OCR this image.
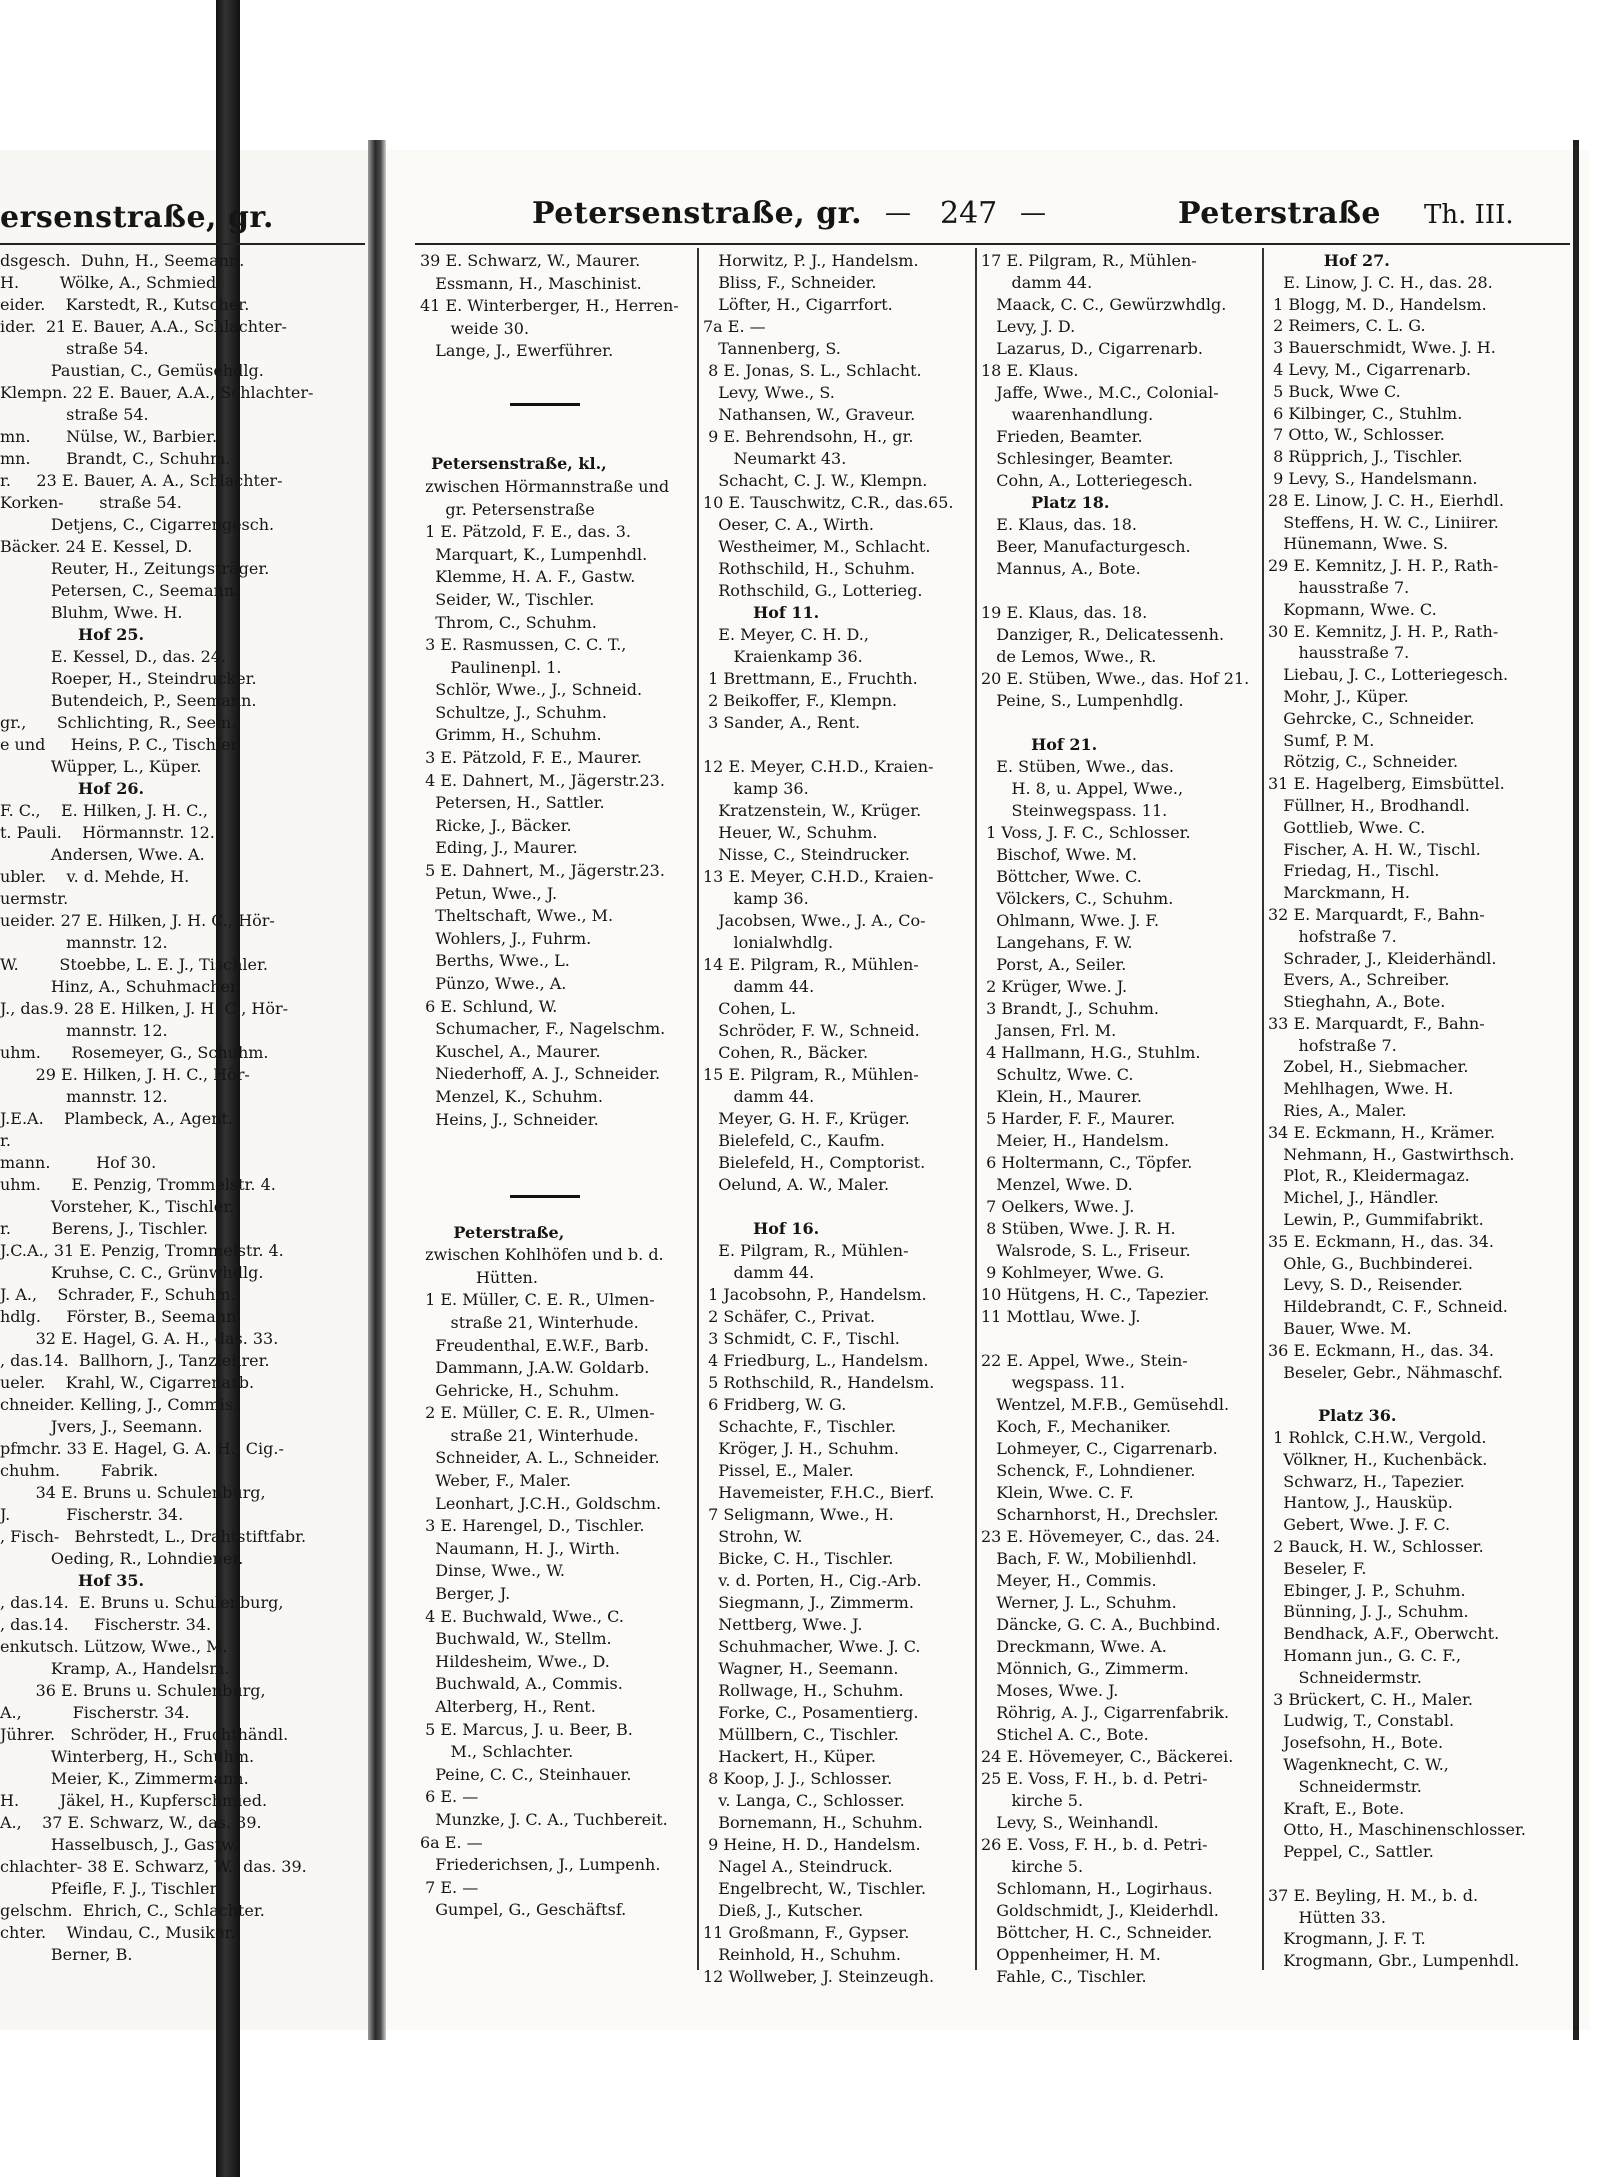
ersenstraße, gr.
dsgesch.  Duhn, H., Seemann.
H.        Wölke, A., Schmied.
eider.    Karstedt, R., Kutscher.
ider.  21 E. Bauer, A.A., Schlachter-
straße 54.
Paustian, C., Gemüsehdlg.
Klempn. 22 E. Bauer, A.A., Schlachter-
straße 54.
mn.       Nülse, W., Barbier.
mn.       Brandt, C., Schuhm.
r.     23 E. Bauer, A. A., Schlachter-
Korken-       straße 54.
Detjens, C., Cigarrengesch.
Bäcker. 24 E. Kessel, D.
Reuter, H., Zeitungsträger.
Petersen, C., Seemann.
Bluhm, Wwe. H.
Hof 25.
E. Kessel, D., das. 24.
Roeper, H., Steindrucker.
Butendeich, P., Seemann.
gr.,      Schlichting, R., Seem.
e und     Heins, P. C., Tischler.
Wüpper, L., Küper.
Hof 26.
F. C.,    E. Hilken, J. H. C.,
t. Pauli.    Hörmannstr. 12.
Andersen, Wwe. A.
ubler.    v. d. Mehde, H.
uermstr.
ueider. 27 E. Hilken, J. H. C., Hör-
mannstr. 12.
W.        Stoebbe, L. E. J., Tischler.
Hinz, A., Schuhmacher.
J., das.9. 28 E. Hilken, J. H. C., Hör-
mannstr. 12.
uhm.      Rosemeyer, G., Schuhm.
29 E. Hilken, J. H. C., Hör-
mannstr. 12.
J.E.A.    Plambeck, A., Agent.
r.
mann.         Hof 30.
uhm.      E. Penzig, Trommelstr. 4.
Vorsteher, K., Tischler.
r.        Berens, J., Tischler.
J.C.A., 31 E. Penzig, Trommelstr. 4.
Kruhse, C. C., Grünwhdlg.
J. A.,    Schrader, F., Schuhm.
hdlg.     Förster, B., Seemann.
32 E. Hagel, G. A. H., das. 33.
, das.14.  Ballhorn, J., Tanzlehrer.
ueler.    Krahl, W., Cigarrenarb.
chneider. Kelling, J., Commis.
Jvers, J., Seemann.
pfmchr. 33 E. Hagel, G. A. H., Cig.-
chuhm.        Fabrik.
34 E. Bruns u. Schulenburg,
J.           Fischerstr. 34.
, Fisch-   Behrstedt, L., Drahtstiftfabr.
Oeding, R., Lohndiener.
Hof 35.
, das.14.  E. Bruns u. Schulenburg,
, das.14.     Fischerstr. 34.
enkutsch. Lützow, Wwe., M.
Kramp, A., Handelsm.
36 E. Bruns u. Schulenburg,
A.,          Fischerstr. 34.
Jührer.   Schröder, H., Fruchthändl.
Winterberg, H., Schuhm.
Meier, K., Zimmermann.
H.        Jäkel, H., Kupferschmied.
A.,    37 E. Schwarz, W., das. 39.
Hasselbusch, J., Gastw.
chlachter- 38 E. Schwarz, W., das. 39.
Pfeifle, F. J., Tischler.
gelschm.  Ehrich, C., Schlachter.
chter.    Windau, C., Musiker.
Berner, B.
Petersenstraße, gr. — 247 —	Peterstraße Th. III.
39 E. Schwarz, W., Maurer.
Essmann, H., Maschinist.
41 E. Winterberger, H., Herren-
weide 30.
Lange, J., Ewerführer.

Petersenstraße, kl.,
zwischen Hörmannstraße und
gr. Petersenstraße
1 E. Pätzold, F. E., das. 3.
Marquart, K., Lumpenhdl.
Klemme, H. A. F., Gastw.
Seider, W., Tischler.
Throm, C., Schuhm.
3 E. Rasmussen, C. C. T.,
Paulinenpl. 1.
Schlör, Wwe., J., Schneid.
Schultze, J., Schuhm.
Grimm, H., Schuhm.
3 E. Pätzold, F. E., Maurer.
4 E. Dahnert, M., Jägerstr.23.
Petersen, H., Sattler.
Ricke, J., Bäcker.
Eding, J., Maurer.
5 E. Dahnert, M., Jägerstr.23.
Petun, Wwe., J.
Theltschaft, Wwe., M.
Wohlers, J., Fuhrm.
Berths, Wwe., L.
Pünzo, Wwe., A.
6 E. Schlund, W.
Schumacher, F., Nagelschm.
Kuschel, A., Maurer.
Niederhoff, A. J., Schneider.
Menzel, K., Schuhm.
Heins, J., Schneider.

Peterstraße,
zwischen Kohlhöfen und b. d.
Hütten.
1 E. Müller, C. E. R., Ulmen-
straße 21, Winterhude.
Freudenthal, E.W.F., Barb.
Dammann, J.A.W. Goldarb.
Gehricke, H., Schuhm.
2 E. Müller, C. E. R., Ulmen-
straße 21, Winterhude.
Schneider, A. L., Schneider.
Weber, F., Maler.
Leonhart, J.C.H., Goldschm.
3 E. Harengel, D., Tischler.
Naumann, H. J., Wirth.
Dinse, Wwe., W.
Berger, J.
4 E. Buchwald, Wwe., C.
Buchwald, W., Stellm.
Hildesheim, Wwe., D.
Buchwald, A., Commis.
Alterberg, H., Rent.
5 E. Marcus, J. u. Beer, B.
M., Schlachter.
Peine, C. C., Steinhauer.
6 E. —
Munzke, J. C. A., Tuchbereit.
6a E. —
Friederichsen, J., Lumpenh.
7 E. —
Gumpel, G., Geschäftsf.
Horwitz, P. J., Handelsm.
Bliss, F., Schneider.
Löfter, H., Cigarrfort.
7a E. —
Tannenberg, S.
8 E. Jonas, S. L., Schlacht.
Levy, Wwe., S.
Nathansen, W., Graveur.
9 E. Behrendsohn, H., gr.
Neumarkt 43.
Schacht, C. J. W., Klempn.
10 E. Tauschwitz, C.R., das.65.
Oeser, C. A., Wirth.
Westheimer, M., Schlacht.
Rothschild, H., Schuhm.
Rothschild, G., Lotterieg.
Hof 11.
E. Meyer, C. H. D.,
Kraienkamp 36.
1 Brettmann, E., Fruchth.
2 Beikoffer, F., Klempn.
3 Sander, A., Rent.

12 E. Meyer, C.H.D., Kraien-
kamp 36.
Kratzenstein, W., Krüger.
Heuer, W., Schuhm.
Nisse, C., Steindrucker.
13 E. Meyer, C.H.D., Kraien-
kamp 36.
Jacobsen, Wwe., J. A., Co-
lonialwhdlg.
14 E. Pilgram, R., Mühlen-
damm 44.
Cohen, L.
Schröder, F. W., Schneid.
Cohen, R., Bäcker.
15 E. Pilgram, R., Mühlen-
damm 44.
Meyer, G. H. F., Krüger.
Bielefeld, C., Kaufm.
Bielefeld, H., Comptorist.
Oelund, A. W., Maler.

Hof 16.
E. Pilgram, R., Mühlen-
damm 44.
1 Jacobsohn, P., Handelsm.
2 Schäfer, C., Privat.
3 Schmidt, C. F., Tischl.
4 Friedburg, L., Handelsm.
5 Rothschild, R., Handelsm.
6 Fridberg, W. G.
Schachte, F., Tischler.
Kröger, J. H., Schuhm.
Pissel, E., Maler.
Havemeister, F.H.C., Bierf.
7 Seligmann, Wwe., H.
Strohn, W.
Bicke, C. H., Tischler.
v. d. Porten, H., Cig.-Arb.
Siegmann, J., Zimmerm.
Nettberg, Wwe. J.
Schuhmacher, Wwe. J. C.
Wagner, H., Seemann.
Rollwage, H., Schuhm.
Forke, C., Posamentierg.
Müllbern, C., Tischler.
Hackert, H., Küper.
8 Koop, J. J., Schlosser.
v. Langa, C., Schlosser.
Bornemann, H., Schuhm.
9 Heine, H. D., Handelsm.
Nagel A., Steindruck.
Engelbrecht, W., Tischler.
Dieß, J., Kutscher.
11 Großmann, F., Gypser.
Reinhold, H., Schuhm.
12 Wollweber, J. Steinzeugh.
17 E. Pilgram, R., Mühlen-
damm 44.
Maack, C. C., Gewürzwhdlg.
Levy, J. D.
Lazarus, D., Cigarrenarb.
18 E. Klaus.
Jaffe, Wwe., M.C., Colonial-
waarenhandlung.
Frieden, Beamter.
Schlesinger, Beamter.
Cohn, A., Lotteriegesch.
Platz 18.
E. Klaus, das. 18.
Beer, Manufacturgesch.
Mannus, A., Bote.

19 E. Klaus, das. 18.
Danziger, R., Delicatessenh.
de Lemos, Wwe., R.
20 E. Stüben, Wwe., das. Hof 21.
Peine, S., Lumpenhdlg.

Hof 21.
E. Stüben, Wwe., das.
H. 8, u. Appel, Wwe.,
Steinwegspass. 11.
1 Voss, J. F. C., Schlosser.
Bischof, Wwe. M.
Böttcher, Wwe. C.
Völckers, C., Schuhm.
Ohlmann, Wwe. J. F.
Langehans, F. W.
Porst, A., Seiler.
2 Krüger, Wwe. J.
3 Brandt, J., Schuhm.
Jansen, Frl. M.
4 Hallmann, H.G., Stuhlm.
Schultz, Wwe. C.
Klein, H., Maurer.
5 Harder, F. F., Maurer.
Meier, H., Handelsm.
6 Holtermann, C., Töpfer.
Menzel, Wwe. D.
7 Oelkers, Wwe. J.
8 Stüben, Wwe. J. R. H.
Walsrode, S. L., Friseur.
9 Kohlmeyer, Wwe. G.
10 Hütgens, H. C., Tapezier.
11 Mottlau, Wwe. J.

22 E. Appel, Wwe., Stein-
wegspass. 11.
Wentzel, M.F.B., Gemüsehdl.
Koch, F., Mechaniker.
Lohmeyer, C., Cigarrenarb.
Schenck, F., Lohndiener.
Klein, Wwe. C. F.
Scharnhorst, H., Drechsler.
23 E. Hövemeyer, C., das. 24.
Bach, F. W., Mobilienhdl.
Meyer, H., Commis.
Werner, J. L., Schuhm.
Däncke, G. C. A., Buchbind.
Dreckmann, Wwe. A.
Mönnich, G., Zimmerm.
Moses, Wwe. J.
Röhrig, A. J., Cigarrenfabrik.
Stichel A. C., Bote.
24 E. Hövemeyer, C., Bäckerei.
25 E. Voss, F. H., b. d. Petri-
kirche 5.
Levy, S., Weinhandl.
26 E. Voss, F. H., b. d. Petri-
kirche 5.
Schlomann, H., Logirhaus.
Goldschmidt, J., Kleiderhdl.
Böttcher, H. C., Schneider.
Oppenheimer, H. M.
Fahle, C., Tischler.
Hof 27.
E. Linow, J. C. H., das. 28.
1 Blogg, M. D., Handelsm.
2 Reimers, C. L. G.
3 Bauerschmidt, Wwe. J. H.
4 Levy, M., Cigarrenarb.
5 Buck, Wwe C.
6 Kilbinger, C., Stuhlm.
7 Otto, W., Schlosser.
8 Rüpprich, J., Tischler.
9 Levy, S., Handelsmann.
28 E. Linow, J. C. H., Eierhdl.
Steffens, H. W. C., Liniirer.
Hünemann, Wwe. S.
29 E. Kemnitz, J. H. P., Rath-
hausstraße 7.
Kopmann, Wwe. C.
30 E. Kemnitz, J. H. P., Rath-
hausstraße 7.
Liebau, J. C., Lotteriegesch.
Mohr, J., Küper.
Gehrcke, C., Schneider.
Sumf, P. M.
Rötzig, C., Schneider.
31 E. Hagelberg, Eimsbüttel.
Füllner, H., Brodhandl.
Gottlieb, Wwe. C.
Fischer, A. H. W., Tischl.
Friedag, H., Tischl.
Marckmann, H.
32 E. Marquardt, F., Bahn-
hofstraße 7.
Schrader, J., Kleiderhändl.
Evers, A., Schreiber.
Stieghahn, A., Bote.
33 E. Marquardt, F., Bahn-
hofstraße 7.
Zobel, H., Siebmacher.
Mehlhagen, Wwe. H.
Ries, A., Maler.
34 E. Eckmann, H., Krämer.
Nehmann, H., Gastwirthsch.
Plot, R., Kleidermagaz.
Michel, J., Händler.
Lewin, P., Gummifabrikt.
35 E. Eckmann, H., das. 34.
Ohle, G., Buchbinderei.
Levy, S. D., Reisender.
Hildebrandt, C. F., Schneid.
Bauer, Wwe. M.
36 E. Eckmann, H., das. 34.
Beseler, Gebr., Nähmaschf.

Platz 36.
1 Rohlck, C.H.W., Vergold.
Völkner, H., Kuchenbäck.
Schwarz, H., Tapezier.
Hantow, J., Hausküp.
Gebert, Wwe. J. F. C.
2 Bauck, H. W., Schlosser.
Beseler, F.
Ebinger, J. P., Schuhm.
Bünning, J. J., Schuhm.
Bendhack, A.F., Oberwcht.
Homann jun., G. C. F.,
Schneidermstr.
3 Brückert, C. H., Maler.
Ludwig, T., Constabl.
Josefsohn, H., Bote.
Wagenknecht, C. W.,
Schneidermstr.
Kraft, E., Bote.
Otto, H., Maschinenschlosser.
Peppel, C., Sattler.

37 E. Beyling, H. M., b. d.
Hütten 33.
Krogmann, J. F. T.
Krogmann, Gbr., Lumpenhdl.
